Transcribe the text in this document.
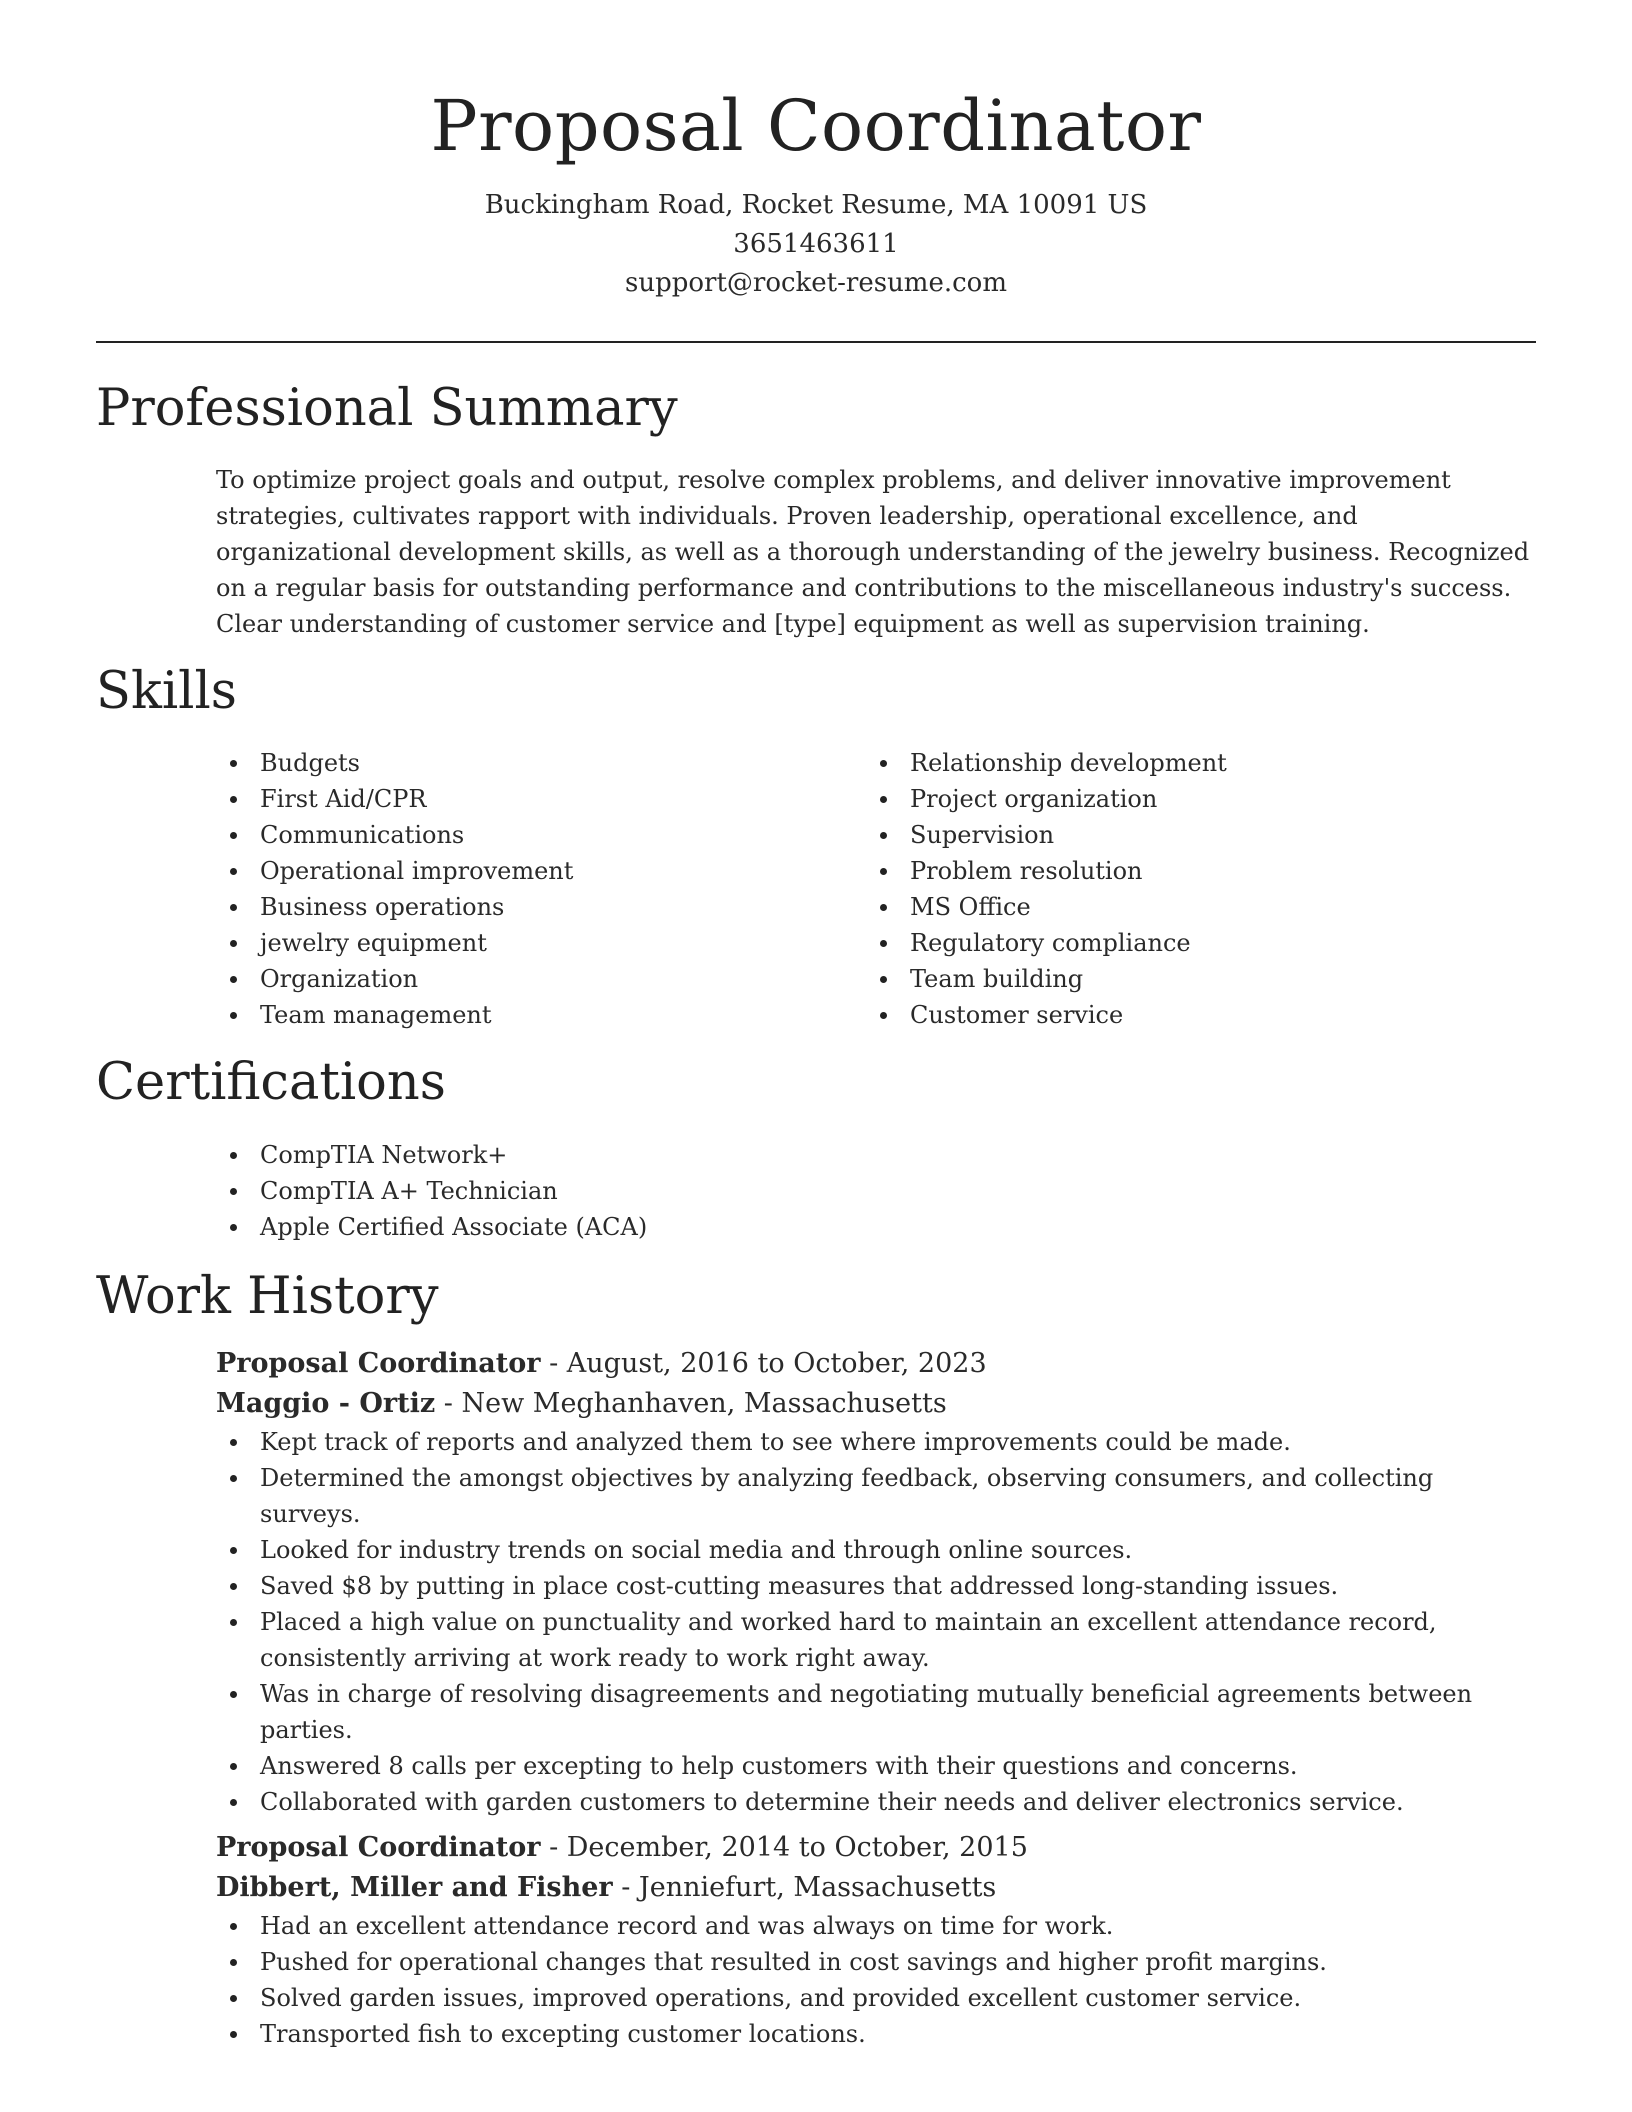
Proposal Coordinator
Buckingham Road, Rocket Resume, MA 10091 US
3651463611
support@rocket-resume.com
Professional Summary

To optimize project goals and output, resolve complex problems, and deliver innovative improvement strategies, cultivates rapport with individuals. Proven leadership, operational excellence, and organizational development skills, as well as a thorough understanding of the jewelry business. Recognized on a regular basis for outstanding performance and contributions to the miscellaneous industry's success. Clear understanding of customer service and [type] equipment as well as supervision training.

Skills
Budgets
First Aid/CPR
Communications
Operational improvement
Business operations
jewelry equipment
Organization
Team management
Relationship development
Project organization
Supervision
Problem resolution
MS Office
Regulatory compliance
Team building
Customer service
Certifications
CompTIA Network+
CompTIA A+ Technician
Apple Certified Associate (ACA)
Work History
Proposal Coordinator - August, 2016 to October, 2023
Maggio - Ortiz - New Meghanhaven, Massachusetts
Kept track of reports and analyzed them to see where improvements could be made.
Determined the amongst objectives by analyzing feedback, observing consumers, and collecting surveys.
Looked for industry trends on social media and through online sources.
Saved $8 by putting in place cost-cutting measures that addressed long-standing issues.
Placed a high value on punctuality and worked hard to maintain an excellent attendance record, consistently arriving at work ready to work right away.
Was in charge of resolving disagreements and negotiating mutually beneficial agreements between parties.
Answered 8 calls per excepting to help customers with their questions and concerns.
Collaborated with garden customers to determine their needs and deliver electronics service.
Proposal Coordinator - December, 2014 to October, 2015
Dibbert, Miller and Fisher - Jenniefurt, Massachusetts
Had an excellent attendance record and was always on time for work.
Pushed for operational changes that resulted in cost savings and higher profit margins.
Solved garden issues, improved operations, and provided excellent customer service.
Transported fish to excepting customer locations.
